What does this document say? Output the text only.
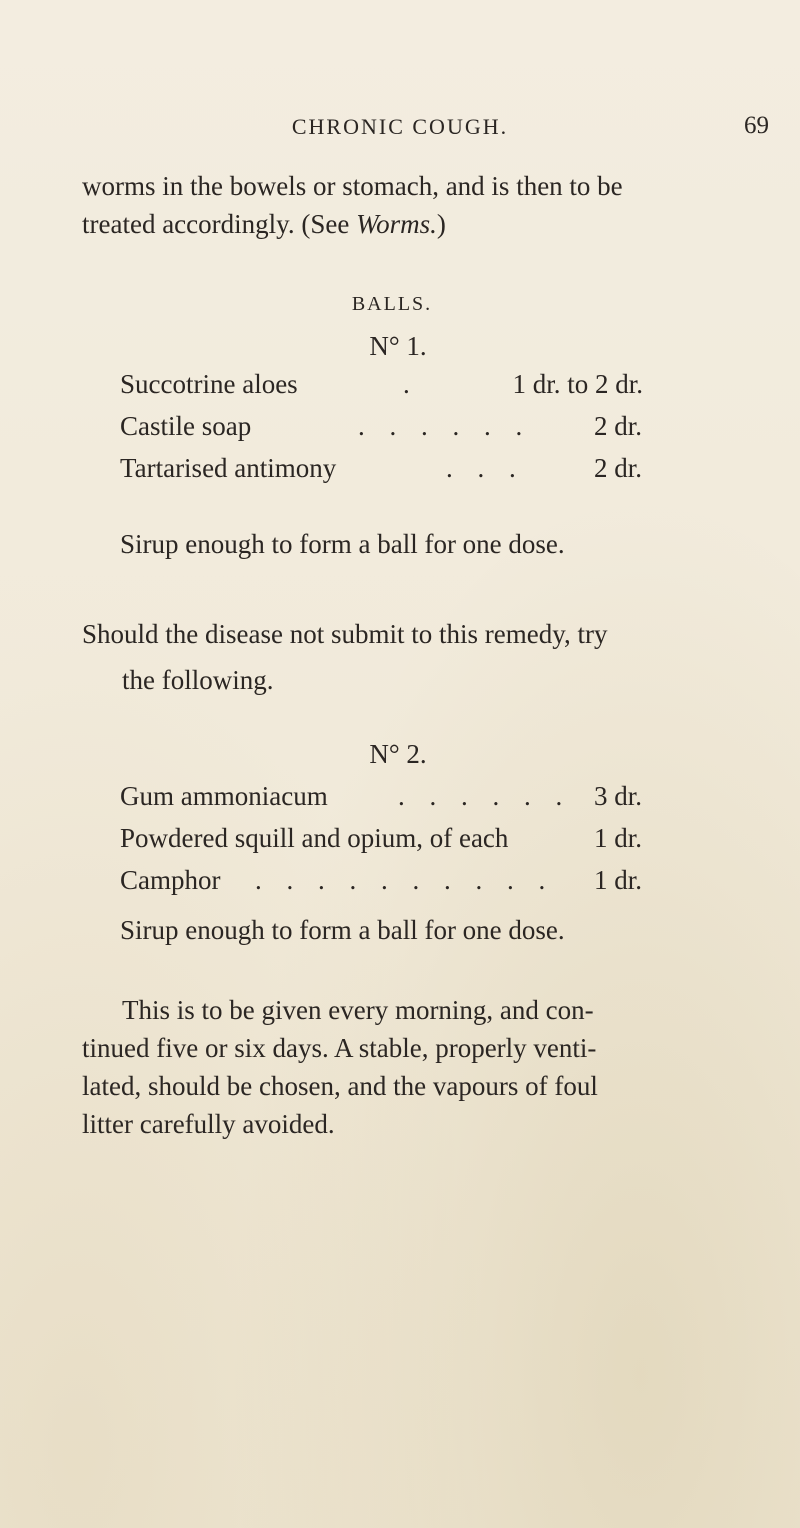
CHRONIC COUGH.	69
worms in the bowels or stomach, and is then to be
treated accordingly. (See Worms.)
BALLS.
N° 1.
Succotrine aloes	.	1 dr. to 2 dr.
Castile soap	. . . . . . 2 dr.
Tartarised antimony	. . .	2 dr.
Sirup enough to form a ball for one dose.
Should the disease not submit to this remedy, try
the following.
N° 2.
Gum ammoniacum	. . . . . . 3 dr.
Powdered squill and opium, of each	1 dr.
Camphor . . . . . . . . . . 1 dr.
Sirup enough to form a ball for one dose.
This is to be given every morning, and con-
tinued five or six days. A stable, properly venti-
lated, should be chosen, and the vapours of foul
litter carefully avoided.
